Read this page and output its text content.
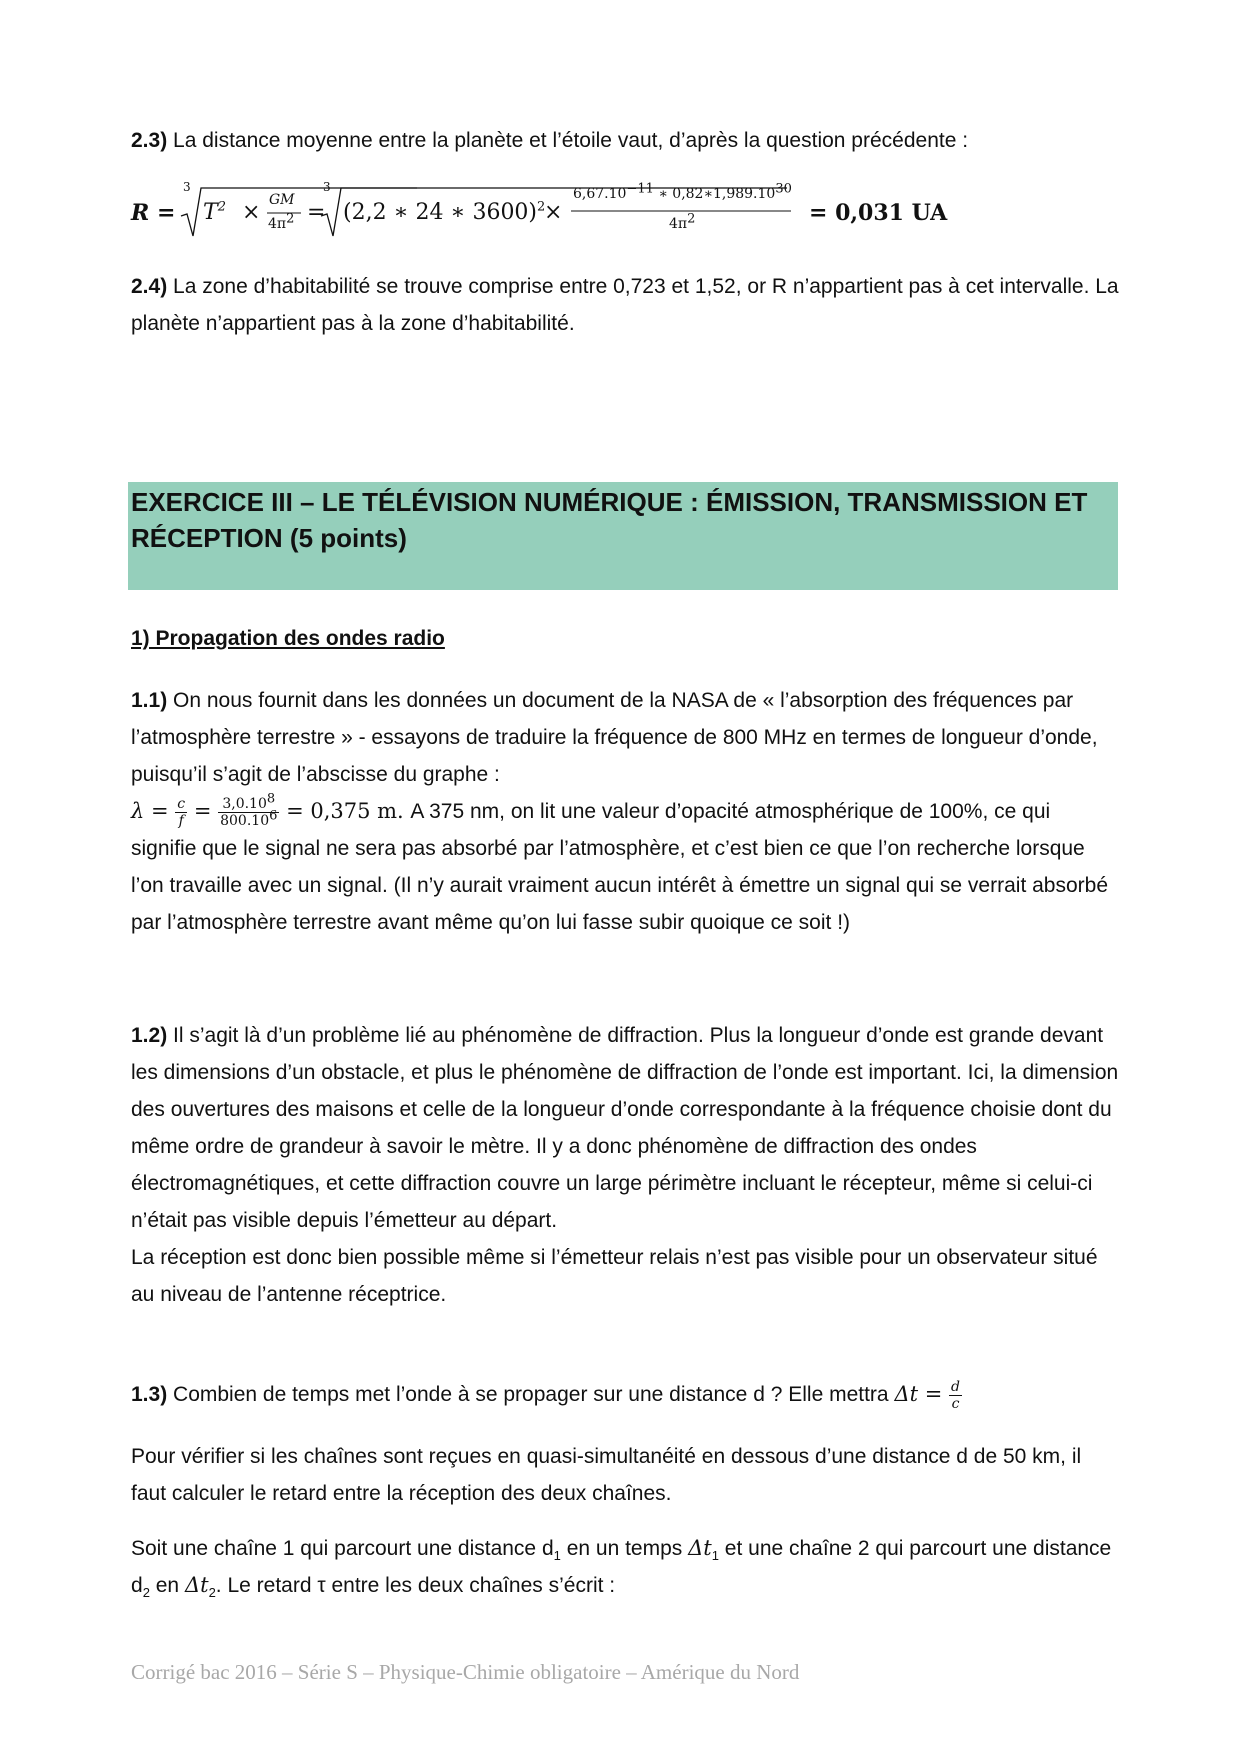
2.3) La distance moyenne entre la planète et l’étoile vaut, d’après la question précédente :

R =
3
$T^2$ × GM
$4\pi^2$ =
3
(2,2 ∗ 24 ∗ 3600)$^2$
×
$6,67.10^{-11}$ ∗ 0,82∗1,989.10$^{30}$
$4\pi^2$	= 0,031 UA

2.4) La zone d’habitabilité se trouve comprise entre 0,723 et 1,52, or R n’appartient pas à cet intervalle. La planète n’appartient pas à la zone d’habitabilité.

EXERCICE III – LE TÉLÉVISION NUMÉRIQUE : ÉMISSION, TRANSMISSION ET RÉCEPTION (5 points)

1) Propagation des ondes radio

1.1) On nous fournit dans les données un document de la NASA de « l’absorption des fréquences par l’atmosphère terrestre » - essayons de traduire la fréquence de 800 MHz en termes de longueur d’onde, puisqu’il s’agit de l’abscisse du graphe :
$\lambda = \frac{c}{f} = \frac{3,0.10^8}{800.10^6} = 0,375$ m. A 375 nm, on lit une valeur d’opacité atmosphérique de 100%, ce qui signifie que le signal ne sera pas absorbé par l’atmosphère, et c’est bien ce que l’on recherche lorsque l’on travaille avec un signal. (Il n’y aurait vraiment aucun intérêt à émettre un signal qui se verrait absorbé par l’atmosphère terrestre avant même qu’on lui fasse subir quoique ce soit !)

1.2) Il s’agit là d’un problème lié au phénomène de diffraction. Plus la longueur d’onde est grande devant les dimensions d’un obstacle, et plus le phénomène de diffraction de l’onde est important. Ici, la dimension des ouvertures des maisons et celle de la longueur d’onde correspondante à la fréquence choisie dont du même ordre de grandeur à savoir le mètre. Il y a donc phénomène de diffraction des ondes électromagnétiques, et cette diffraction couvre un large périmètre incluant le récepteur, même si celui-ci n’était pas visible depuis l’émetteur au départ.
La réception est donc bien possible même si l’émetteur relais n’est pas visible pour un observateur situé au niveau de l’antenne réceptrice.

1.3) Combien de temps met l’onde à se propager sur une distance d ? Elle mettra $\Delta t = \frac{d}{c}$

Pour vérifier si les chaînes sont reçues en quasi-simultanéité en dessous d’une distance d de 50 km, il faut calculer le retard entre la réception des deux chaînes.

Soit une chaîne 1 qui parcourt une distance $d_1$ en un temps $\Delta t_1$ et une chaîne 2 qui parcourt une distance $d_2$ en $\Delta t_2$. Le retard τ entre les deux chaînes s’écrit :

Corrigé bac 2016 – Série S – Physique-Chimie obligatoire – Amérique du Nord
